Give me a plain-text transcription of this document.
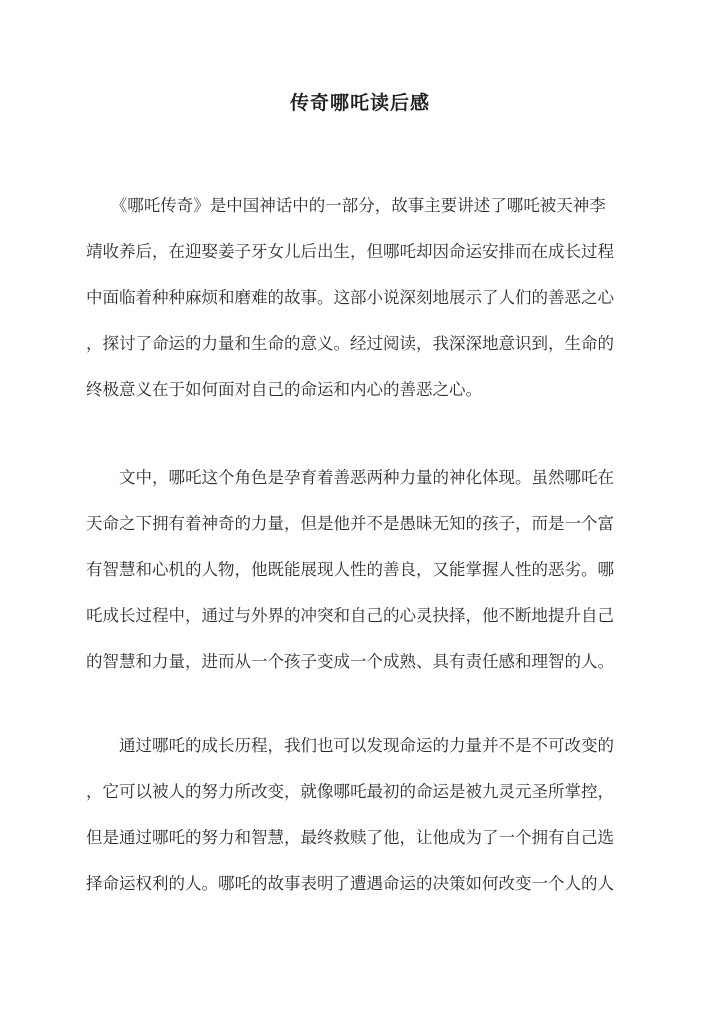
传奇哪吒读后感
　　《哪吒传奇》是中国神话中的一部分，故事主要讲述了哪吒被天神李
靖收养后，在迎娶姜子牙女儿后出生，但哪吒却因命运安排而在成长过程
中面临着种种麻烦和磨难的故事。这部小说深刻地展示了人们的善恶之心
，探讨了命运的力量和生命的意义。经过阅读，我深深地意识到，生命的
终极意义在于如何面对自己的命运和内心的善恶之心。
　　文中，哪吒这个角色是孕育着善恶两种力量的神化体现。虽然哪吒在
天命之下拥有着神奇的力量，但是他并不是愚昧无知的孩子，而是一个富
有智慧和心机的人物，他既能展现人性的善良，又能掌握人性的恶劣。哪
吒成长过程中，通过与外界的冲突和自己的心灵抉择，他不断地提升自己
的智慧和力量，进而从一个孩子变成一个成熟、具有责任感和理智的人。
　　通过哪吒的成长历程，我们也可以发现命运的力量并不是不可改变的
，它可以被人的努力所改变，就像哪吒最初的命运是被九灵元圣所掌控，
但是通过哪吒的努力和智慧，最终救赎了他，让他成为了一个拥有自己选
择命运权利的人。哪吒的故事表明了遭遇命运的决策如何改变一个人的人
